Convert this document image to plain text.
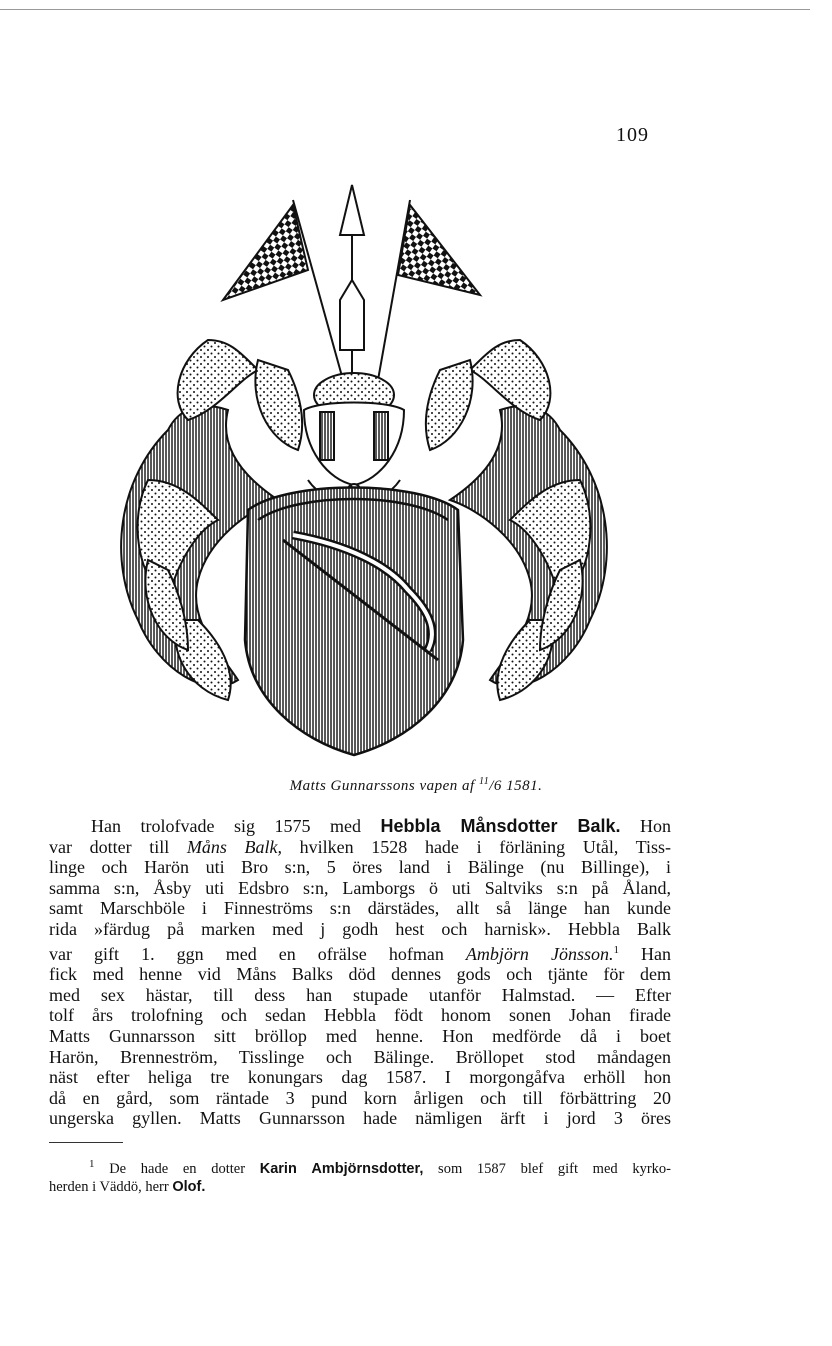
109
Matts Gunnarssons vapen af $^{11}$/6 1581.
Han trolofvade sig 1575 med Hebbla Månsdotter Balk. Hon
var dotter till Måns Balk, hvilken 1528 hade i förläning Utål, Tiss-
linge och Harön uti Bro s:n, 5 öres land i Bälinge (nu Billinge), i
samma s:n, Åsby uti Edsbro s:n, Lamborgs ö uti Saltviks s:n på Åland,
samt Marschböle i Finneströms s:n därstädes, allt så länge han kunde
rida »färdug på marken med j godh hest och harnisk». Hebbla Balk
var gift 1. ggn med en ofrälse hofman Ambjörn Jönsson.$^1$ Han
fick med henne vid Måns Balks död dennes gods och tjänte för dem
med sex hästar, till dess han stupade utanför Halmstad. — Efter
tolf års trolofning och sedan Hebbla födt honom sonen Johan firade
Matts Gunnarsson sitt bröllop med henne. Hon medförde då i boet
Harön, Brenneström, Tisslinge och Bälinge. Bröllopet stod måndagen
näst efter heliga tre konungars dag 1587. I morgongåfva erhöll hon
då en gård, som räntade 3 pund korn årligen och till förbättring 20
ungerska gyllen. Matts Gunnarsson hade nämligen ärft i jord 3 öres
$^1$ De hade en dotter Karin Ambjörnsdotter, som 1587 blef gift med kyrko-
herden i Väddö, herr Olof.
